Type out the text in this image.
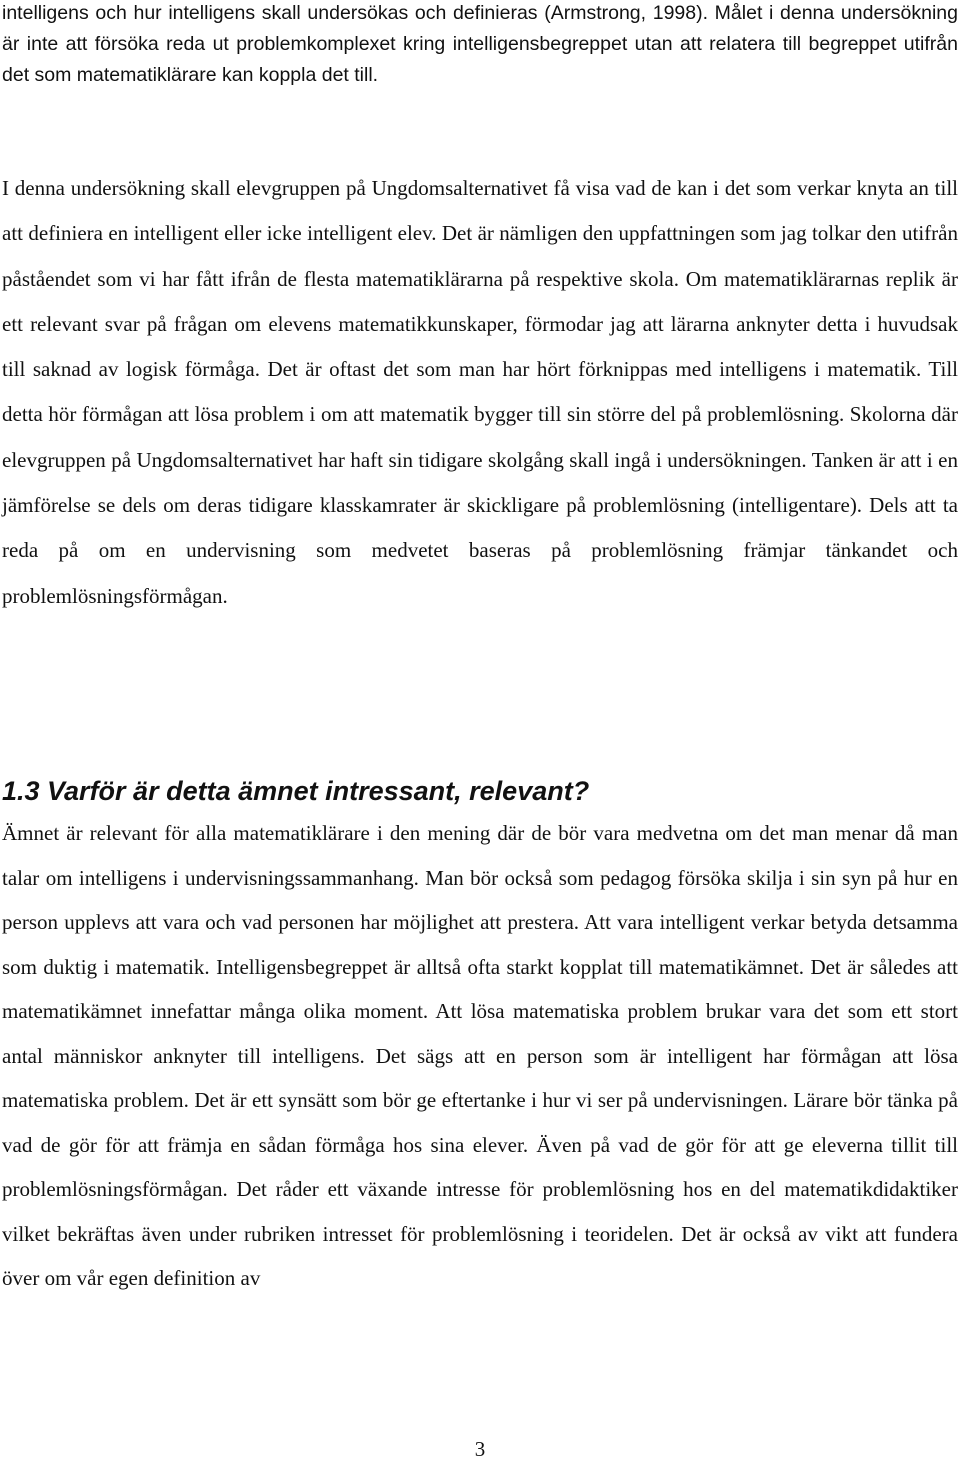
intelligens och hur intelligens skall undersökas och definieras (Armstrong, 1998). Målet i denna undersökning är inte att försöka reda ut problemkomplexet kring intelligensbegreppet utan att relatera till begreppet utifrån det som matematiklärare kan koppla det till.

I denna undersökning skall elevgruppen på Ungdomsalternativet få visa vad de kan i det som verkar knyta an till att definiera en intelligent eller icke intelligent elev. Det är nämligen den uppfattningen som jag tolkar den utifrån påståendet som vi har fått ifrån de flesta matematiklärarna på respektive skola. Om matematiklärarnas replik är ett relevant svar på frågan om elevens matematikkunskaper, förmodar jag att lärarna anknyter detta i huvudsak till saknad av logisk förmåga. Det är oftast det som man har hört förknippas med intelligens i matematik. Till detta hör förmågan att lösa problem i om att matematik bygger till sin större del på problemlösning. Skolorna där elevgruppen på Ungdomsalternativet har haft sin tidigare skolgång skall ingå i undersökningen. Tanken är att i en jämförelse se dels om deras tidigare klasskamrater är skickligare på problemlösning (intelligentare). Dels att ta reda på om en undervisning som medvetet baseras på problemlösning främjar tänkandet och problemlösningsförmågan.

1.3 Varför är detta ämnet intressant, relevant?

Ämnet är relevant för alla matematiklärare i den mening där de bör vara medvetna om det man menar då man talar om intelligens i undervisningssammanhang. Man bör också som pedagog försöka skilja i sin syn på hur en person upplevs att vara och vad personen har möjlighet att prestera. Att vara intelligent verkar betyda detsamma som duktig i matematik. Intelligensbegreppet är alltså ofta starkt kopplat till matematikämnet. Det är således att matematikämnet innefattar många olika moment. Att lösa matematiska problem brukar vara det som ett stort antal människor anknyter till intelligens. Det sägs att en person som är intelligent har förmågan att lösa matematiska problem. Det är ett synsätt som bör ge eftertanke i hur vi ser på undervisningen. Lärare bör tänka på vad de gör för att främja en sådan förmåga hos sina elever. Även på vad de gör för att ge eleverna tillit till problemlösningsförmågan. Det råder ett växande intresse för problemlösning hos en del matematikdidaktiker vilket bekräftas även under rubriken intresset för problemlösning i teoridelen. Det är också av vikt att fundera över om vår egen definition av

3
